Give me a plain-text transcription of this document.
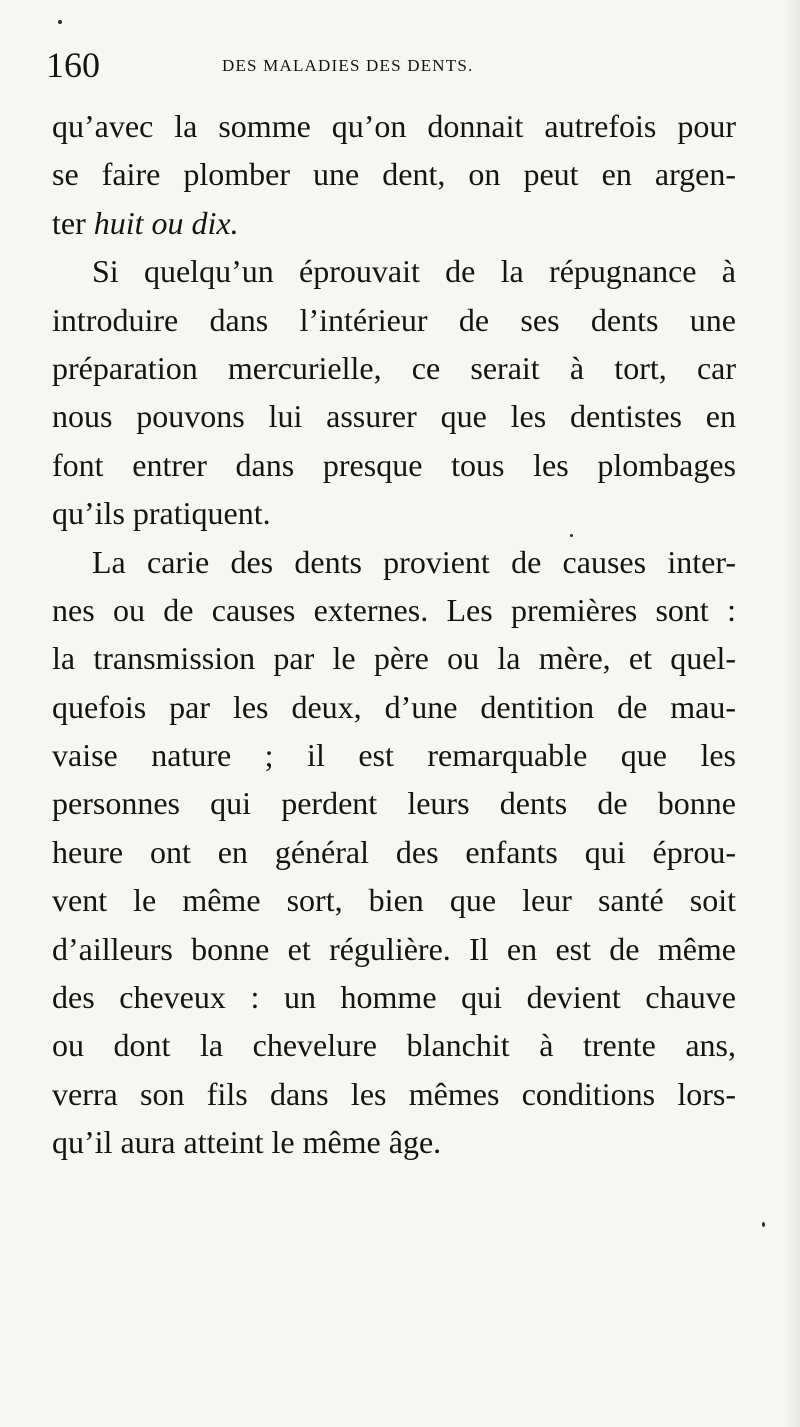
160	DES MALADIES DES DENTS.
qu’avec la somme qu’on donnait autrefois pour
se faire plomber une dent, on peut en argen-
ter huit ou dix.
Si quelqu’un éprouvait de la répugnance à
introduire dans l’intérieur de ses dents une
préparation mercurielle, ce serait à tort, car
nous pouvons lui assurer que les dentistes en
font entrer dans presque tous les plombages
qu’ils pratiquent.
La carie des dents provient de causes inter-
nes ou de causes externes. Les premières sont :
la transmission par le père ou la mère, et quel-
quefois par les deux, d’une dentition de mau-
vaise nature ; il est remarquable que les
personnes qui perdent leurs dents de bonne
heure ont en général des enfants qui éprou-
vent le même sort, bien que leur santé soit
d’ailleurs bonne et régulière. Il en est de même
des cheveux : un homme qui devient chauve
ou dont la chevelure blanchit à trente ans,
verra son fils dans les mêmes conditions lors-
qu’il aura atteint le même âge.
